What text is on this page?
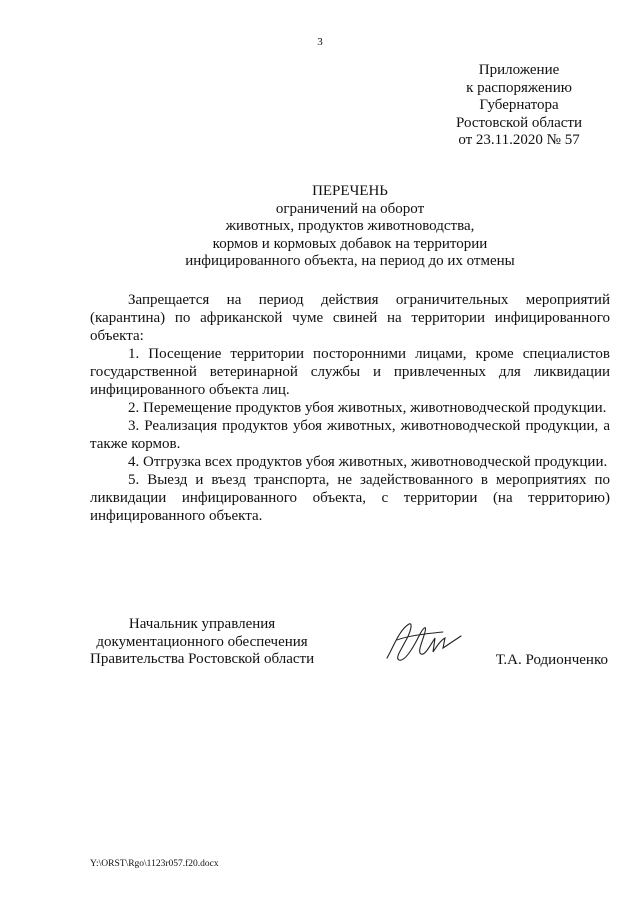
3
Приложение
к распоряжению
Губернатора
Ростовской области
от 23.11.2020 № 57
ПЕРЕЧЕНЬ
ограничений на оборот
животных, продуктов животноводства,
кормов и кормовых добавок на территории
инфицированного объекта, на период до их отмены

Запрещается на период действия ограничительных мероприятий (карантина) по африканской чуме свиней на территории инфицированного объекта:

1. Посещение территории посторонними лицами, кроме специалистов государственной ветеринарной службы и привлеченных для ликвидации инфицированного объекта лиц.

2. Перемещение продуктов убоя животных, животноводческой продукции.

3. Реализация продуктов убоя животных, животноводческой продукции, а также кормов.

4. Отгрузка всех продуктов убоя животных, животноводческой продукции.

5. Выезд и въезд транспорта, не задействованного в мероприятиях по ликвидации инфицированного объекта, с территории (на территорию) инфицированного объекта.

Начальник управления
документационного обеспечения
Правительства Ростовской области	Т.А. Родионченко
Y:\ORST\Rgo\1123r057.f20.docx
